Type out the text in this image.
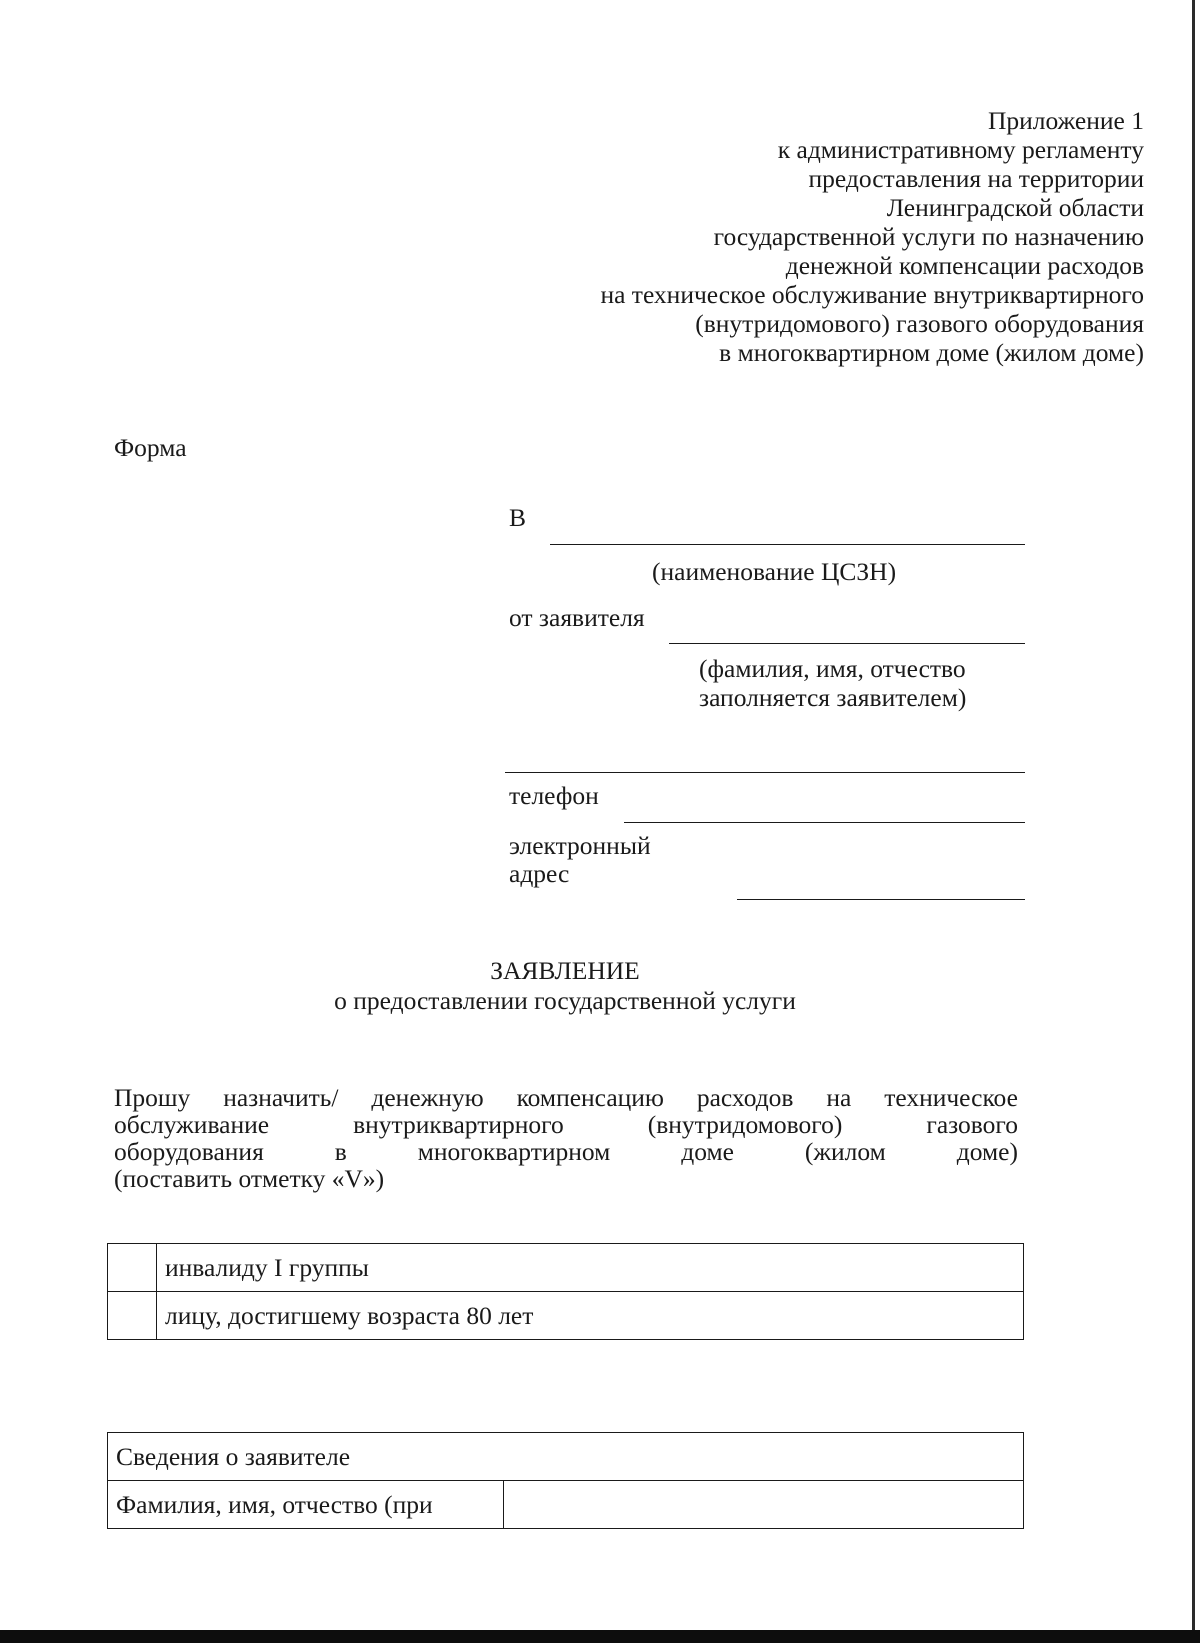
Приложение 1
к административному регламенту
предоставления на территории
Ленинградской области
государственной услуги по назначению
денежной компенсации расходов
на техническое обслуживание внутриквартирного
(внутридомового) газового оборудования
в многоквартирном доме (жилом доме)
Форма
В
(наименование ЦСЗН)
от заявителя
(фамилия, имя, отчество
заполняется заявителем)
телефон
электронный
адрес
ЗАЯВЛЕНИЕ
о предоставлении государственной услуги
Прошу назначить/ денежную компенсацию расходов на техническое
обслуживание	внутриквартирного	(внутридомового)	газового
оборудования	в	многоквартирном	доме	(жилом	доме)
(поставить отметку «V»)
	инвалиду I группы
	лицу, достигшему возраста 80 лет
Сведения о заявителе
Фамилия, имя, отчество (при	
